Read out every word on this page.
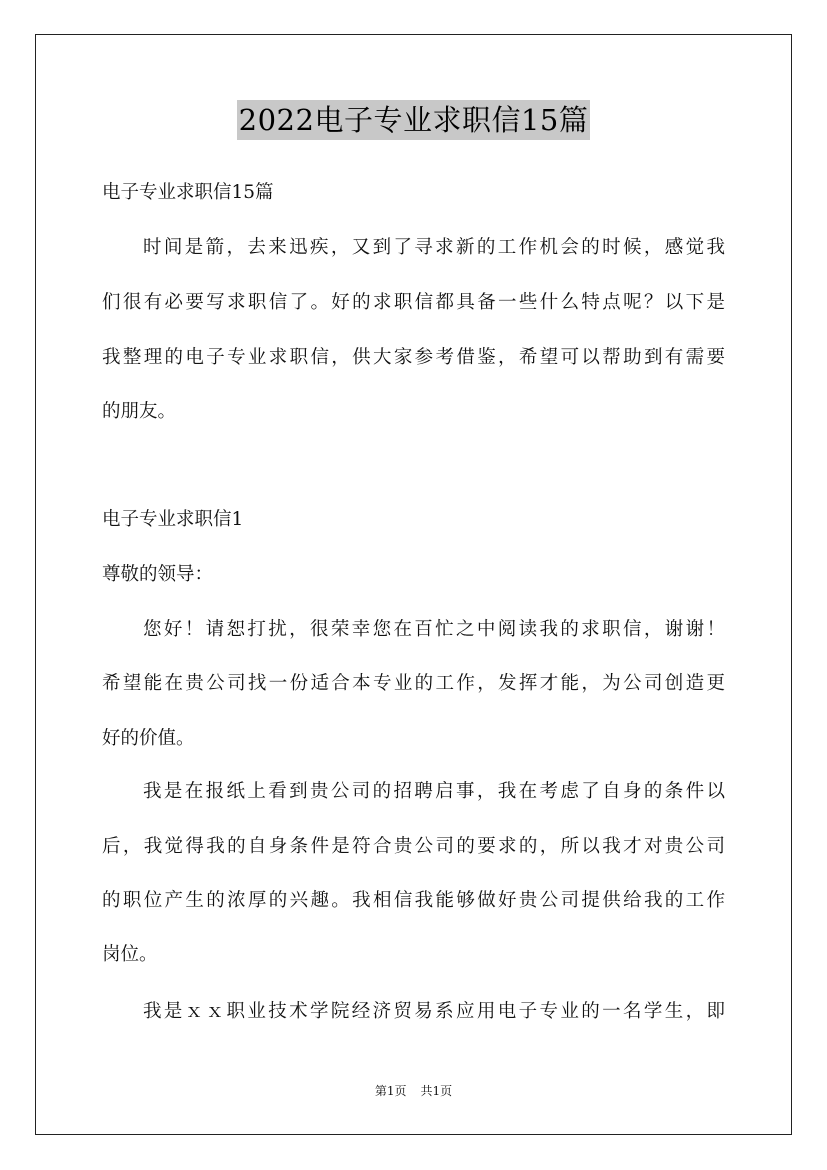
2022电子专业求职信15篇
电子专业求职信15篇
时间是箭，去来迅疾，又到了寻求新的工作机会的时候，感觉我
们很有必要写求职信了。好的求职信都具备一些什么特点呢？以下是
我整理的电子专业求职信，供大家参考借鉴，希望可以帮助到有需要
的朋友。
电子专业求职信1
尊敬的领导：
您好！请恕打扰，很荣幸您在百忙之中阅读我的求职信，谢谢！
希望能在贵公司找一份适合本专业的工作，发挥才能，为公司创造更
好的价值。
我是在报纸上看到贵公司的招聘启事，我在考虑了自身的条件以
后，我觉得我的自身条件是符合贵公司的要求的，所以我才对贵公司
的职位产生的浓厚的兴趣。我相信我能够做好贵公司提供给我的工作
岗位。
我是ｘｘ职业技术学院经济贸易系应用电子专业的一名学生，即
第1页 共1页
